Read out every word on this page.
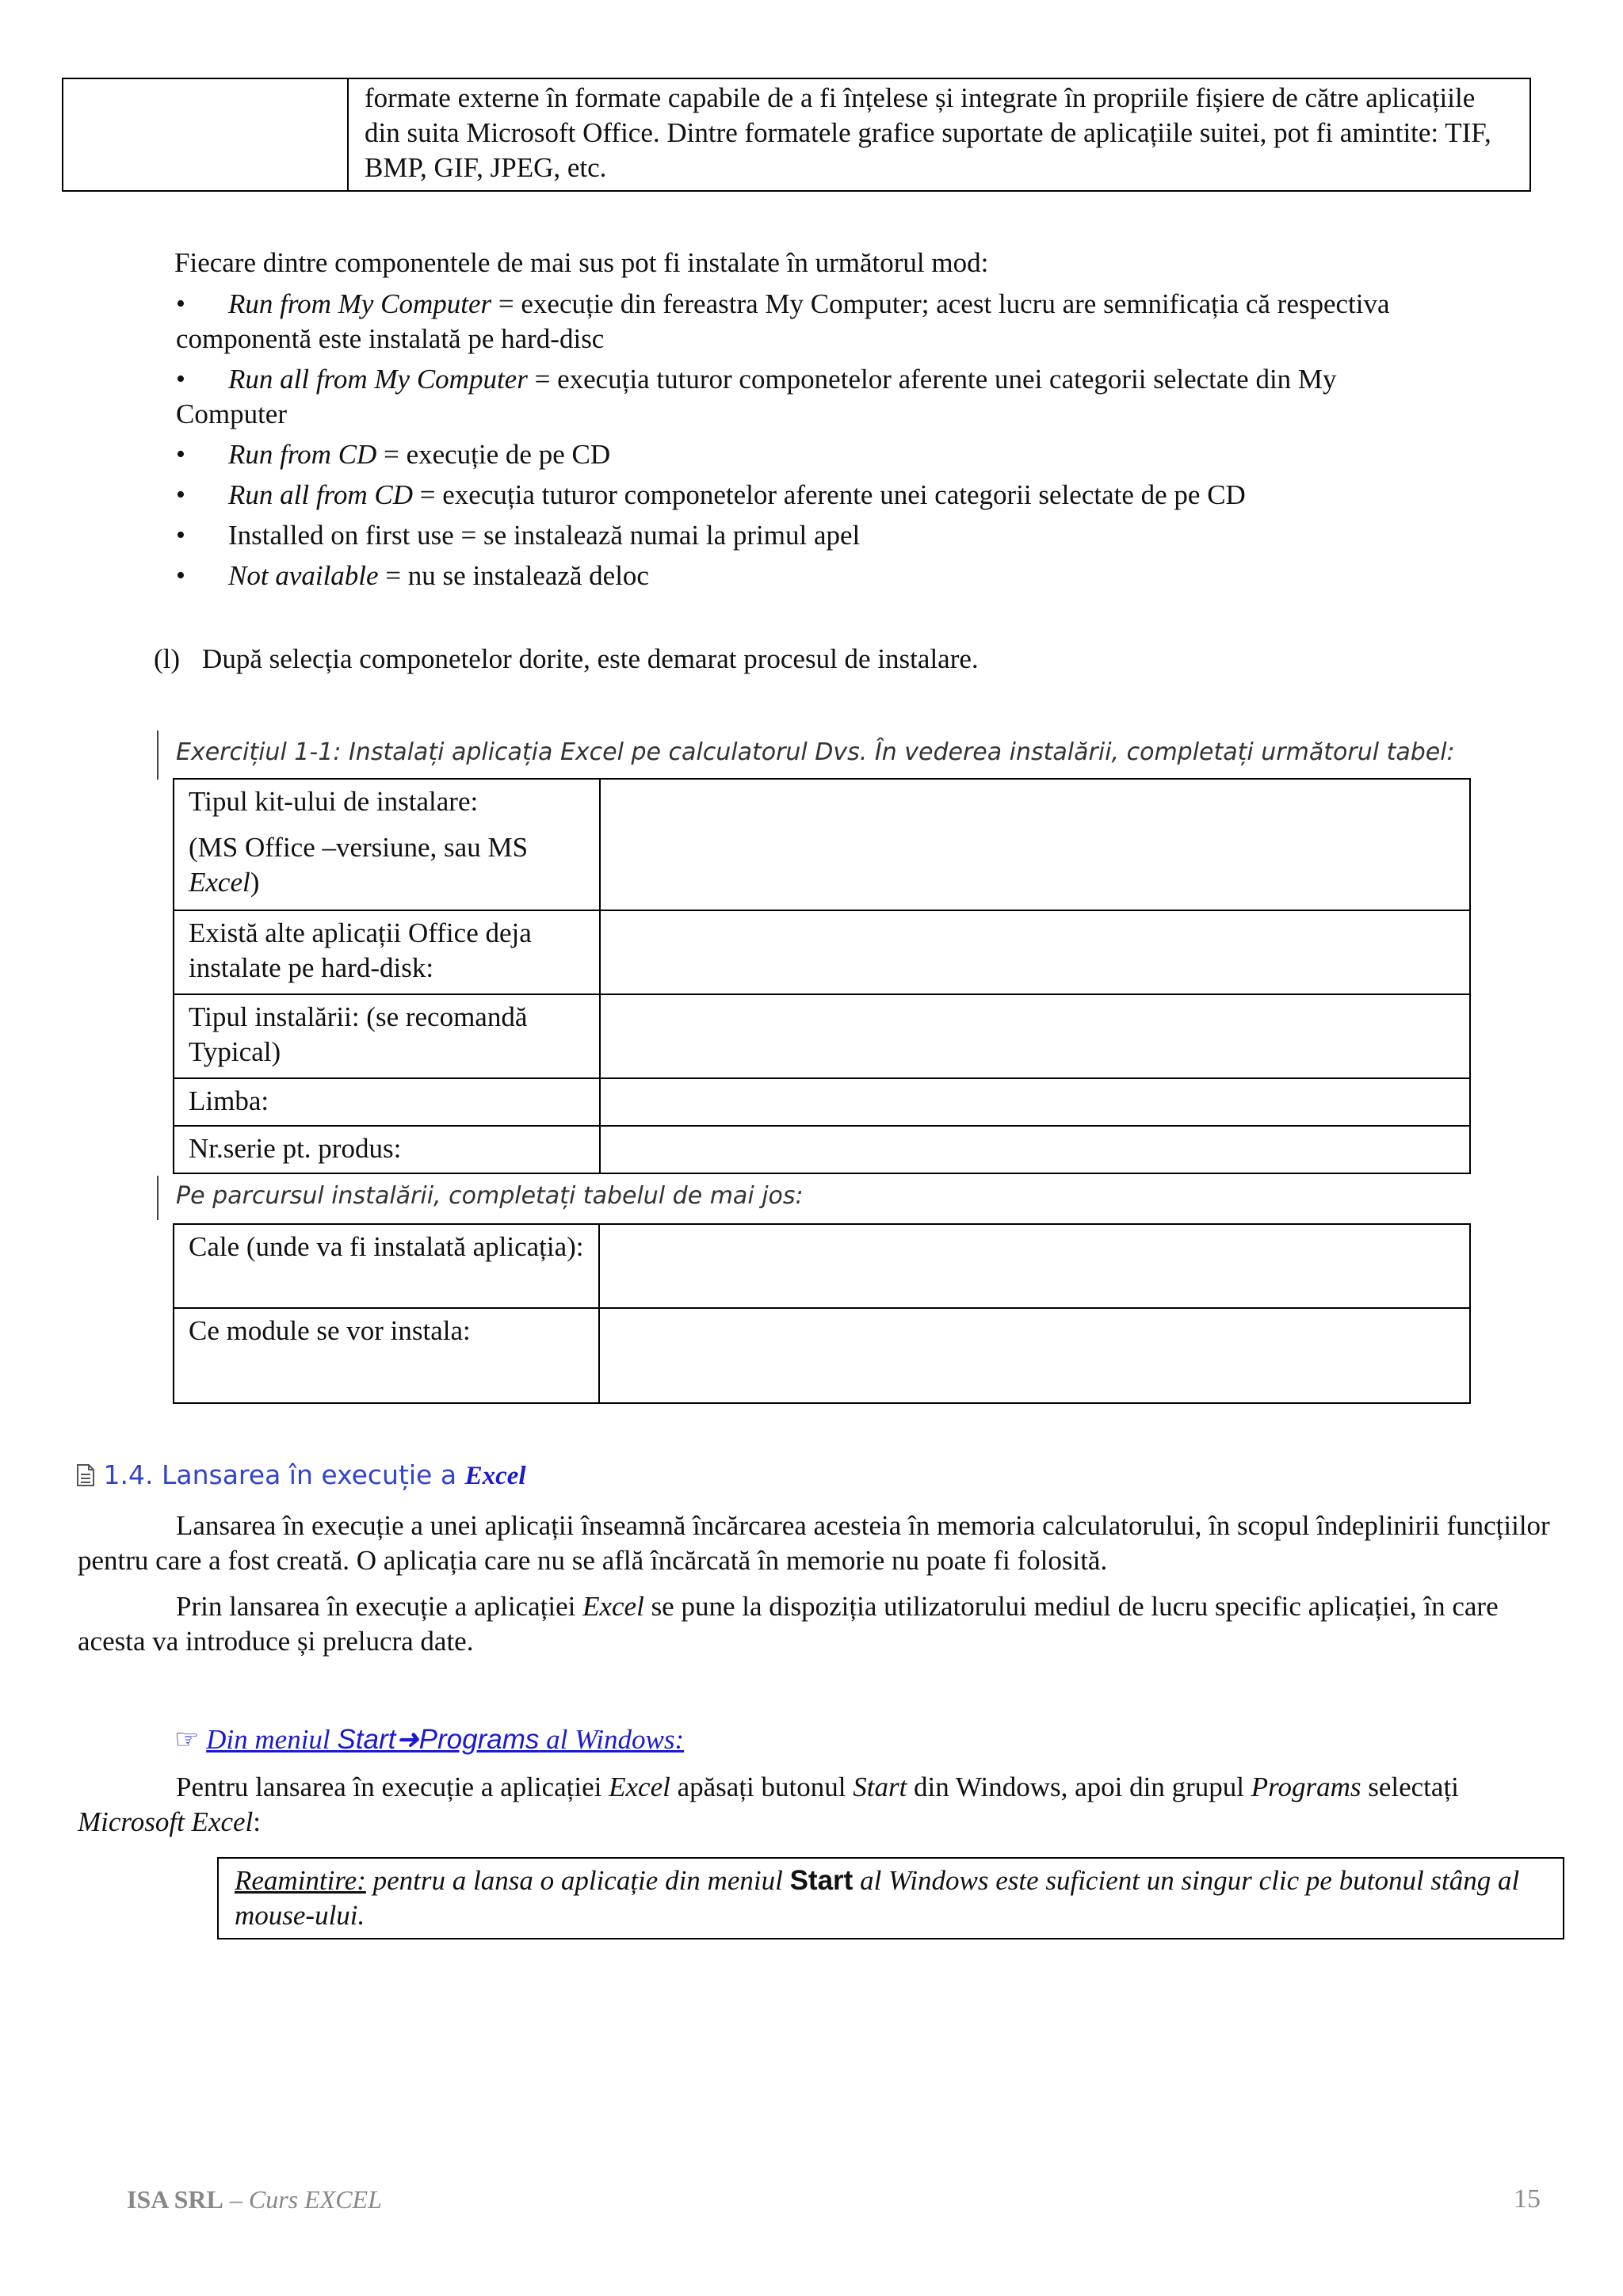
formate externe în formate capabile de a fi înțelese și integrate în propriile fișiere de către aplicațiile din suita Microsoft Office. Dintre formatele grafice suportate de aplicațiile suitei, pot fi amintite: TIF, BMP, GIF, JPEG, etc.
Fiecare dintre componentele de mai sus pot fi instalate în următorul mod:
• Run from My Computer = execuție din fereastra My Computer; acest lucru are semnificația că respectiva
componentă este instalată pe hard-disc
• Run all from My Computer = execuția tuturor componetelor aferente unei categorii selectate din My
Computer
• Run from CD = execuție de pe CD
• Run all from CD = execuția tuturor componetelor aferente unei categorii selectate de pe CD
• Installed on first use = se instalează numai la primul apel
• Not available = nu se instalează deloc
(l) După selecția componetelor dorite, este demarat procesul de instalare.
Exercițiul 1-1: Instalați aplicația Excel pe calculatorul Dvs. În vederea instalării, completați următorul tabel:
Tipul kit-ului de instalare:
(MS Office –versiune, sau MS
Excel)	

Există alte aplicații Office deja instalate pe hard-disk:	
Tipul instalării: (se recomandă Typical)	
Limba:	
Nr.serie pt. produs:	
Pe parcursul instalării, completați tabelul de mai jos:
Cale (unde va fi instalată aplicația):	
Ce module se vor instala:	
1.4. Lansarea în execuție a Excel
Lansarea în execuție a unei aplicații înseamnă încărcarea acesteia în memoria calculatorului, în scopul îndeplinirii funcțiilor pentru care a fost creată. O aplicația care nu se află încărcată în memorie nu poate fi folosită.
Prin lansarea în execuție a aplicației Excel se pune la dispoziția utilizatorului mediul de lucru specific aplicației, în care acesta va introduce și prelucra date.
☞ Din meniul Start➜Programs al Windows:
Pentru lansarea în execuție a aplicației Excel apăsați butonul Start din Windows, apoi din grupul Programs selectați Microsoft Excel:
Reamintire: pentru a lansa o aplicație din meniul Start al Windows este suficient un singur clic pe butonul stâng al mouse-ului.
ISA SRL – Curs EXCEL	15
